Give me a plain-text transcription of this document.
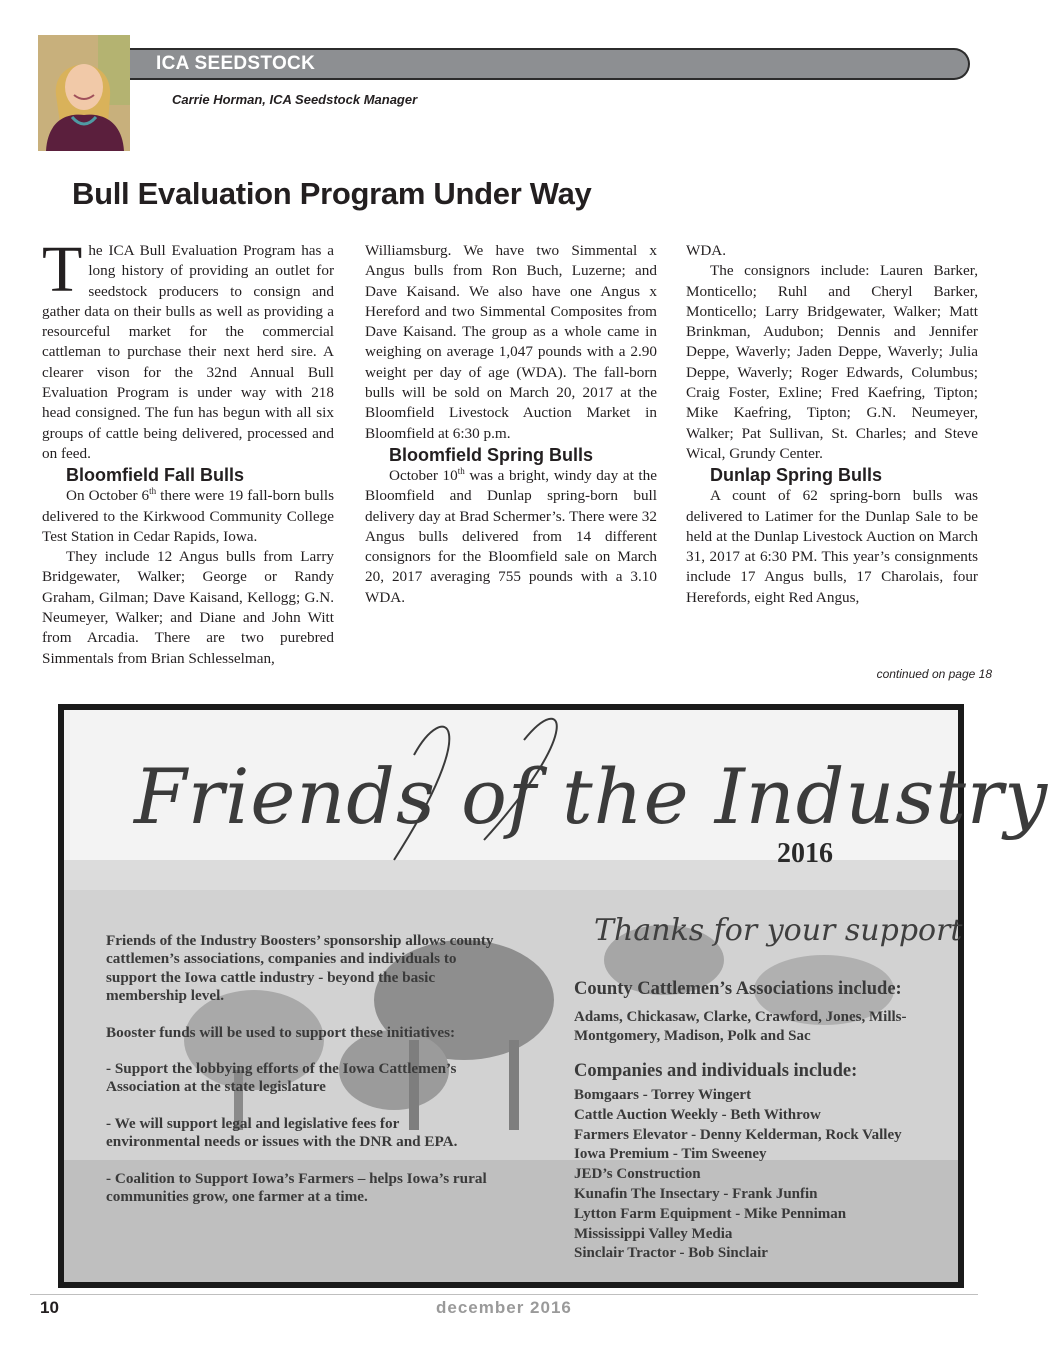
ICA SEEDSTOCK
Carrie Horman, ICA Seedstock Manager
Bull Evaluation Program Under Way

The ICA Bull Evaluation Program has a long history of providing an outlet for seedstock producers to consign and gather data on their bulls as well as providing a resourceful market for the commercial cattleman to purchase their next herd sire. A clearer vison for the 32nd Annual Bull Evaluation Program is under way with 218 head consigned. The fun has begun with all six groups of cattle being delivered, processed and on feed.

Bloomfield Fall Bulls

On October 6th there were 19 fall-born bulls delivered to the Kirkwood Community College Test Station in Cedar Rapids, Iowa.

They include 12 Angus bulls from Larry Bridgewater, Walker; George or Randy Graham, Gilman; Dave Kaisand, Kellogg; G.N. Neumeyer, Walker; and Diane and John Witt from Arcadia. There are two purebred Simmentals from Brian Schlesselman,

Williamsburg. We have two Simmental x Angus bulls from Ron Buch, Luzerne; and Dave Kaisand. We also have one Angus x Hereford and two Simmental Composites from Dave Kaisand. The group as a whole came in weighing on average 1,047 pounds with a 2.90 weight per day of age (WDA). The fall-born bulls will be sold on March 20, 2017 at the Bloomfield Livestock Auction Market in Bloomfield at 6:30 p.m.

Bloomfield Spring Bulls

October 10th was a bright, windy day at the Bloomfield and Dunlap spring-born bull delivery day at Brad Schermer’s. There were 32 Angus bulls delivered from 14 different consignors for the Bloomfield sale on March 20, 2017 averaging 755 pounds with a 3.10 WDA.

WDA.

The consignors include: Lauren Barker, Monticello; Ruhl and Cheryl Barker, Monticello; Larry Bridgewater, Walker; Matt Brinkman, Audubon; Dennis and Jennifer Deppe, Waverly; Jaden Deppe, Waverly; Julia Deppe, Waverly; Roger Edwards, Columbus; Craig Foster, Exline; Fred Kaefring, Tipton; Mike Kaefring, Tipton; G.N. Neumeyer, Walker; Pat Sullivan, St. Charles; and Steve Wical, Grundy Center.

Dunlap Spring Bulls

A count of 62 spring-born bulls was delivered to Latimer for the Dunlap Sale to be held at the Dunlap Livestock Auction on March 31, 2017 at 6:30 PM. This year’s consignments include 17 Angus bulls, 17 Charolais, four Herefords, eight Red Angus,

continued on page 18
Friends of the Industry
2016
Thanks for your support

Friends of the Industry Boosters’ sponsorship allows county cattlemen’s associations, companies and individuals to support the Iowa cattle industry - beyond the basic membership level.

Booster funds will be used to support these initiatives:

- Support the lobbying efforts of the Iowa Cattlemen’s Association at the state legislature

- We will support legal and legislative fees for environmental needs or issues with the DNR and EPA.

- Coalition to Support Iowa’s Farmers – helps Iowa’s rural communities grow, one farmer at a time.

County Cattlemen’s Associations include:
Adams, Chickasaw, Clarke, Crawford, Jones, Mills-Montgomery, Madison, Polk and Sac
Companies and individuals include:
Bomgaars - Torrey Wingert
Cattle Auction Weekly - Beth Withrow
Farmers Elevator - Denny Kelderman, Rock Valley
Iowa Premium - Tim Sweeney
JED’s Construction
Kunafin The Insectary - Frank Junfin
Lytton Farm Equipment - Mike Penniman
Mississippi Valley Media
Sinclair Tractor - Bob Sinclair
10	december 2016
